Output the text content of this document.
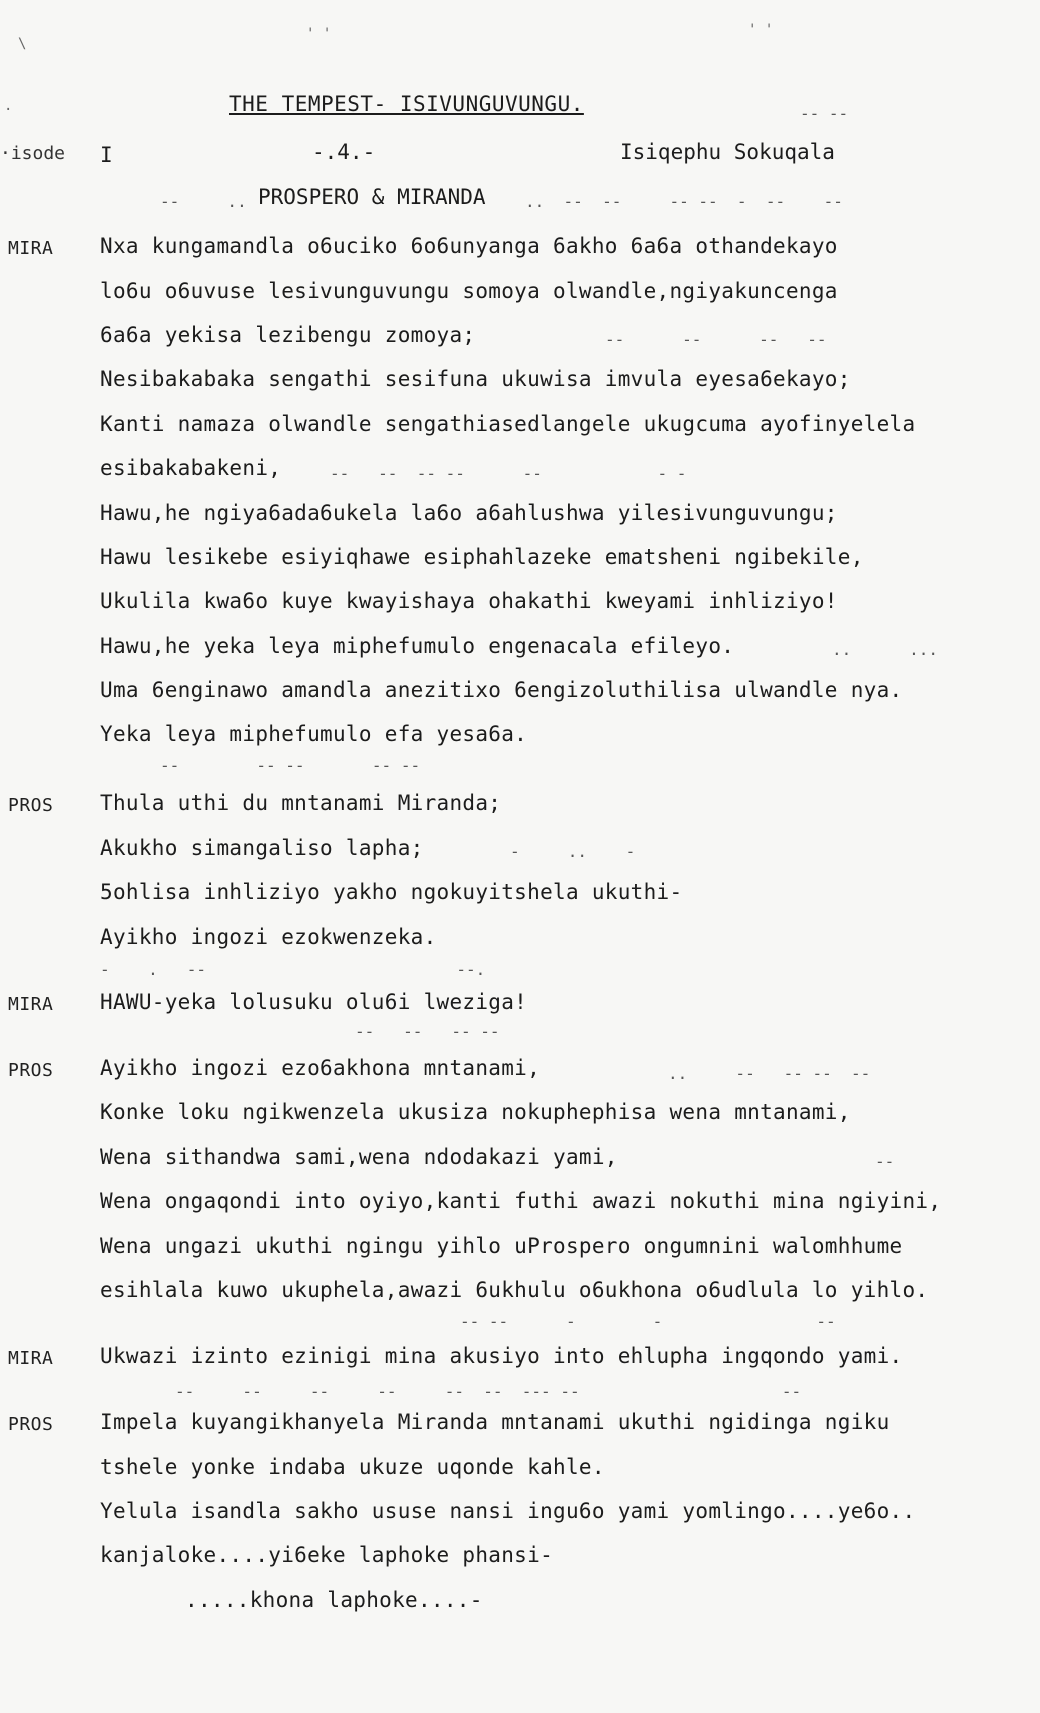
\
' '	' '
.	THE TEMPEST- ISIVUNGUVUNGU.	-- --
·isode I	-.4.-	Isiqephu Sokuqala
--     .. PROSPERO & MIRANDA ..  --  --     -- --  -  --    --
MIRA Nxa kungamandla o6uciko 6o6unyanga 6akho 6a6a othandekayo
lo6u o6uvuse lesivunguvungu somoya olwandle,ngiyakuncenga
6a6a yekisa lezibengu zomoya;	--      --      --   --
Nesibakabaka sengathi sesifuna ukuwisa imvula eyesa6ekayo;
Kanti namaza olwandle sengathiasedlangele ukugcuma ayofinyelela
esibakabakeni,	--   --  -- --      --            - -
Hawu,he ngiya6ada6ukela la6o a6ahlushwa yilesivunguvungu;
Hawu lesikebe esiyiqhawe esiphahlazeke ematsheni ngibekile,
Ukulila kwa6o kuye kwayishaya ohakathi kweyami inhliziyo!
Hawu,he yeka leya miphefumulo engenacala efileyo.	..      ...
Uma 6enginawo amandla anezitixo 6engizoluthilisa ulwandle nya.
Yeka leya miphefumulo efa yesa6a.
--        -- --       -- --
PROS Thula uthi du mntanami Miranda;
Akukho simangaliso lapha;	-     ..    -
5ohlisa inhliziyo yakho ngokuyitshela ukuthi-
Ayikho ingozi ezokwenzeka.
-    .   --                          --.
MIRA HAWU-yeka lolusuku olu6i lweziga!
--   --   -- --
PROS Ayikho ingozi ezo6akhona mntanami,	..     --   -- --  --
Konke loku ngikwenzela ukusiza nokuphephisa wena mntanami,
Wena sithandwa sami,wena ndodakazi yami,	--
Wena ongaqondi into oyiyo,kanti futhi awazi nokuthi mina ngiyini,
Wena ungazi ukuthi ngingu yihlo uProspero ongumnini walomhhume
esihlala kuwo ukuphela,awazi 6ukhulu o6ukhona o6udlula lo yihlo.
-- --      -        -                --
MIRA Ukwazi izinto ezinigi mina akusiyo into ehlupha ingqondo yami.
--     --     --     --     --  --  --- --                     --
PROS Impela kuyangikhanyela Miranda mntanami ukuthi ngidinga ngiku
tshele yonke indaba ukuze uqonde kahle.
Yelula isandla sakho ususe nansi ingu6o yami yomlingo....ye6o..
kanjaloke....yi6eke laphoke phansi-
.....khona laphoke....-
